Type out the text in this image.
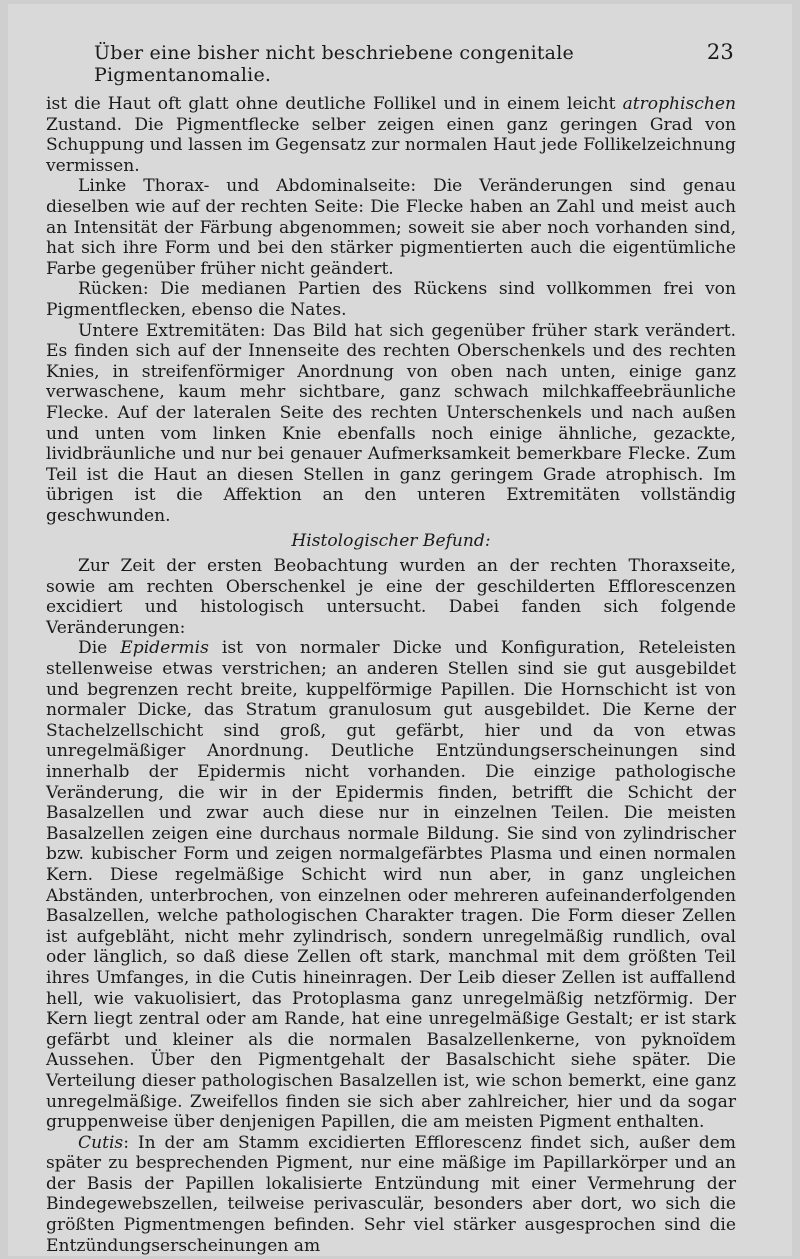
Über eine bisher nicht beschriebene congenitale Pigmentanomalie.
23

ist die Haut oft glatt ohne deutliche Follikel und in einem leicht atrophischen Zustand. Die Pigmentflecke selber zeigen einen ganz geringen Grad von Schuppung und lassen im Gegensatz zur normalen Haut jede Follikelzeichnung vermissen.

Linke Thorax- und Abdominalseite: Die Veränderungen sind genau dieselben wie auf der rechten Seite: Die Flecke haben an Zahl und meist auch an Intensität der Färbung abgenommen; soweit sie aber noch vorhanden sind, hat sich ihre Form und bei den stärker pigmentierten auch die eigentümliche Farbe gegenüber früher nicht geändert.

Rücken: Die medianen Partien des Rückens sind vollkommen frei von Pigmentflecken, ebenso die Nates.

Untere Extremitäten: Das Bild hat sich gegenüber früher stark verändert. Es finden sich auf der Innenseite des rechten Oberschenkels und des rechten Knies, in streifenförmiger Anordnung von oben nach unten, einige ganz verwaschene, kaum mehr sichtbare, ganz schwach milchkaffeebräunliche Flecke. Auf der lateralen Seite des rechten Unterschenkels und nach außen und unten vom linken Knie ebenfalls noch einige ähnliche, gezackte, lividbräunliche und nur bei genauer Aufmerksamkeit bemerkbare Flecke. Zum Teil ist die Haut an diesen Stellen in ganz geringem Grade atrophisch. Im übrigen ist die Affektion an den unteren Extremitäten vollständig geschwunden.

Histologischer Befund:

Zur Zeit der ersten Beobachtung wurden an der rechten Thoraxseite, sowie am rechten Oberschenkel je eine der geschilderten Efflorescenzen excidiert und histologisch untersucht. Dabei fanden sich folgende Veränderungen:

Die Epidermis ist von normaler Dicke und Konfiguration, Reteleisten stellenweise etwas verstrichen; an anderen Stellen sind sie gut ausgebildet und begrenzen recht breite, kuppelförmige Papillen. Die Hornschicht ist von normaler Dicke, das Stratum granulosum gut ausgebildet. Die Kerne der Stachelzellschicht sind groß, gut gefärbt, hier und da von etwas unregelmäßiger Anordnung. Deutliche Entzündungserscheinungen sind innerhalb der Epidermis nicht vorhanden. Die einzige pathologische Veränderung, die wir in der Epidermis finden, betrifft die Schicht der Basalzellen und zwar auch diese nur in einzelnen Teilen. Die meisten Basalzellen zeigen eine durchaus normale Bildung. Sie sind von zylindrischer bzw. kubischer Form und zeigen normalgefärbtes Plasma und einen normalen Kern. Diese regelmäßige Schicht wird nun aber, in ganz ungleichen Abständen, unterbrochen, von einzelnen oder mehreren aufeinanderfolgenden Basalzellen, welche pathologischen Charakter tragen. Die Form dieser Zellen ist aufgebläht, nicht mehr zylindrisch, sondern unregelmäßig rundlich, oval oder länglich, so daß diese Zellen oft stark, manchmal mit dem größten Teil ihres Umfanges, in die Cutis hineinragen. Der Leib dieser Zellen ist auffallend hell, wie vakuolisiert, das Protoplasma ganz unregelmäßig netzförmig. Der Kern liegt zentral oder am Rande, hat eine unregelmäßige Gestalt; er ist stark gefärbt und kleiner als die normalen Basalzellenkerne, von pyknoïdem Aussehen. Über den Pigmentgehalt der Basalschicht siehe später. Die Verteilung dieser pathologischen Basalzellen ist, wie schon bemerkt, eine ganz unregelmäßige. Zweifellos finden sie sich aber zahlreicher, hier und da sogar gruppenweise über denjenigen Papillen, die am meisten Pigment enthalten.

Cutis: In der am Stamm excidierten Efflorescenz findet sich, außer dem später zu besprechenden Pigment, nur eine mäßige im Papillarkörper und an der Basis der Papillen lokalisierte Entzündung mit einer Vermehrung der Bindegewebszellen, teilweise perivasculär, besonders aber dort, wo sich die größten Pigmentmengen befinden. Sehr viel stärker ausgesprochen sind die Entzündungserscheinungen am
